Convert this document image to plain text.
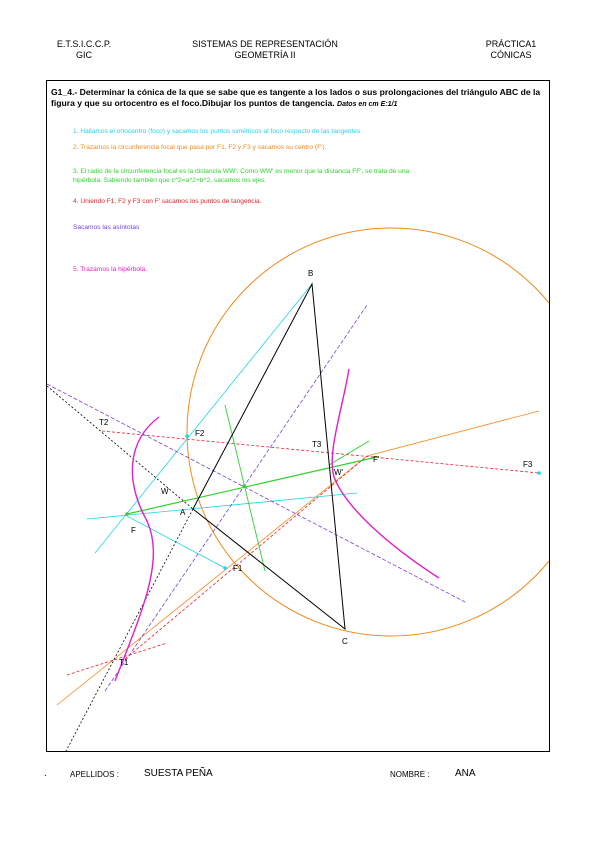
E.T.S.I.C.C.P.
GIC
SISTEMAS DE REPRESENTACIÓN
GEOMETRÍA II
PRÁCTICA1
CÓNICAS
G1_4.- Determinar la cónica de la que se sabe que es tangente a los lados o sus prolongaciones del triángulo ABC de la figura y que su ortocentro es el foco.Dibujar los puntos de tangencia. Datos en cm E:1/1
1. Hallamos el ortocentro (foco) y sacamos los puntos simétricos al foco respecto de las tangentes.
2. Trazamos la circunferencia focal que pasa por F1, F2 y F3 y sacamos su centro (F').
3. El radio de la circunferencia focal es la distancia WW'. Como WW' es menor que la distancia FF', se trata de una
hipérbola. Sabiendo también que c^2=a^2+b^2, sacamos los ejes.
4. Uniendo F1, F2 y F3 con F' sacamos los puntos de tangencia.
Sacamos las asíntotas
5. Trazamos la hipérbola.	B
A
C
F
F1
F2
F3
F'
T1
T2
T3
W
W'
.	APELLIDOS :	SUESTA PEÑA	NOMBRE :	ANA
